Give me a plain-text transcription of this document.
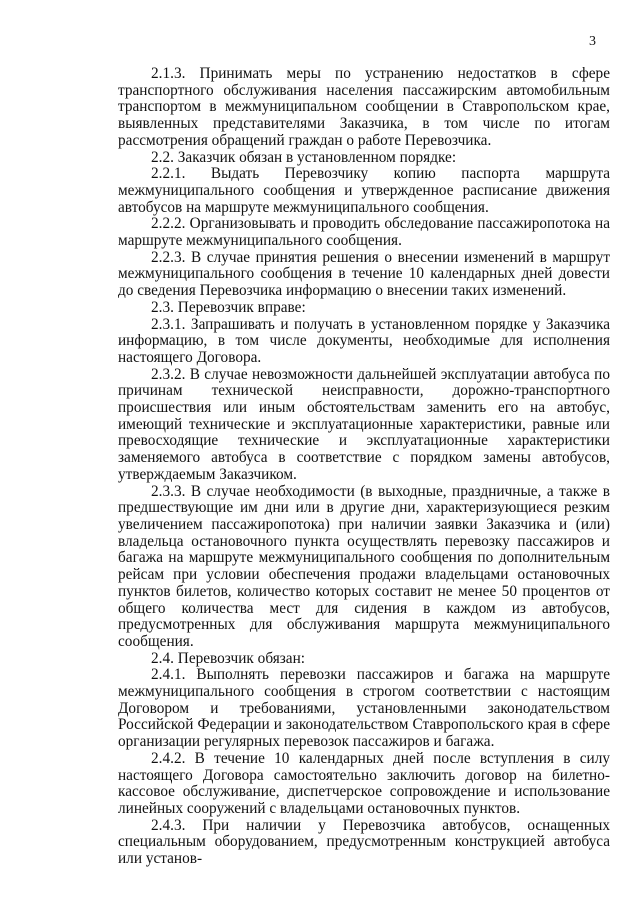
3

2.1.3. Принимать меры по устранению недостатков в сфере транспортного обслуживания населения пассажирским автомобильным транспортом в межмуниципальном сообщении в Ставропольском крае, выявленных представителями Заказчика, в том числе по итогам рассмотрения обращений граждан о работе Перевозчика.

2.2. Заказчик обязан в установленном порядке:

2.2.1. Выдать Перевозчику копию паспорта маршрута межмуниципального сообщения и утвержденное расписание движения автобусов на маршруте межмуниципального сообщения.

2.2.2. Организовывать и проводить обследование пассажиропотока на маршруте межмуниципального сообщения.

2.2.3. В случае принятия решения о внесении изменений в маршрут межмуниципального сообщения в течение 10 календарных дней довести до сведения Перевозчика информацию о внесении таких изменений.

2.3. Перевозчик вправе:

2.3.1. Запрашивать и получать в установленном порядке у Заказчика информацию, в том числе документы, необходимые для исполнения настоящего Договора.

2.3.2. В случае невозможности дальнейшей эксплуатации автобуса по причинам технической неисправности, дорожно-транспортного происшествия или иным обстоятельствам заменить его на автобус, имеющий технические и эксплуатационные характеристики, равные или превосходящие технические и эксплуатационные характеристики заменяемого автобуса в соответствие с порядком замены автобусов, утверждаемым Заказчиком.

2.3.3. В случае необходимости (в выходные, праздничные, а также в предшествующие им дни или в другие дни, характеризующиеся резким увеличением пассажиропотока) при наличии заявки Заказчика и (или) владельца остановочного пункта осуществлять перевозку пассажиров и багажа на маршруте межмуниципального сообщения по дополнительным рейсам при условии обеспечения продажи владельцами остановочных пунктов билетов, количество которых составит не менее 50 процентов от общего количества мест для сидения в каждом из автобусов, предусмотренных для обслуживания маршрута межмуниципального сообщения.

2.4. Перевозчик обязан:

2.4.1. Выполнять перевозки пассажиров и багажа на маршруте межмуниципального сообщения в строгом соответствии с настоящим Договором и требованиями, установленными законодательством Российской Федерации и законодательством Ставропольского края в сфере организации регулярных перевозок пассажиров и багажа.

2.4.2. В течение 10 календарных дней после вступления в силу настоящего Договора самостоятельно заключить договор на билетно-кассовое обслуживание, диспетчерское сопровождение и использование линейных сооружений с владельцами остановочных пунктов.

2.4.3. При наличии у Перевозчика автобусов, оснащенных специальным оборудованием, предусмотренным конструкцией автобуса или установ-
